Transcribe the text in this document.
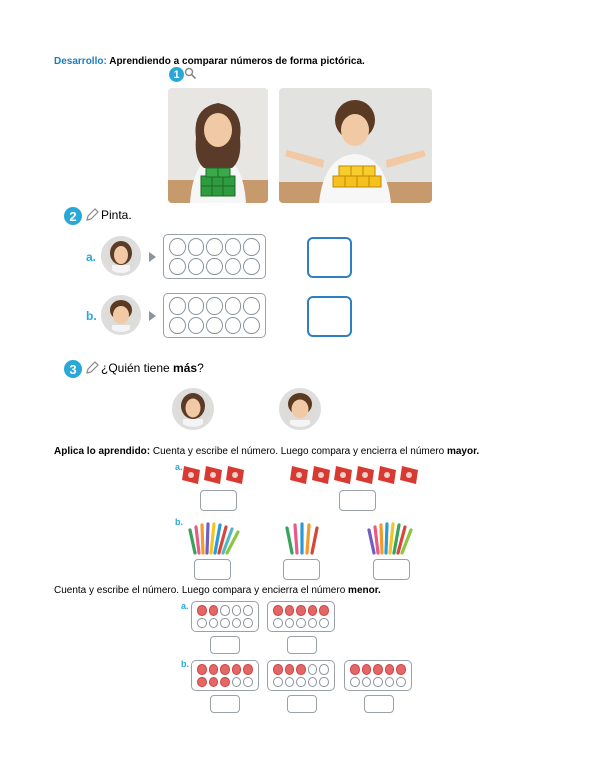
Desarrollo: Aprendiendo a comparar números de forma pictórica.
1
2	Pinta.
a.
b.
3	¿Quién tiene más?
Aplica lo aprendido: Cuenta y escribe el número. Luego compara y encierra el número mayor.
a.
b.
Cuenta y escribe el número. Luego compara y encierra el número menor.
a.
b.
